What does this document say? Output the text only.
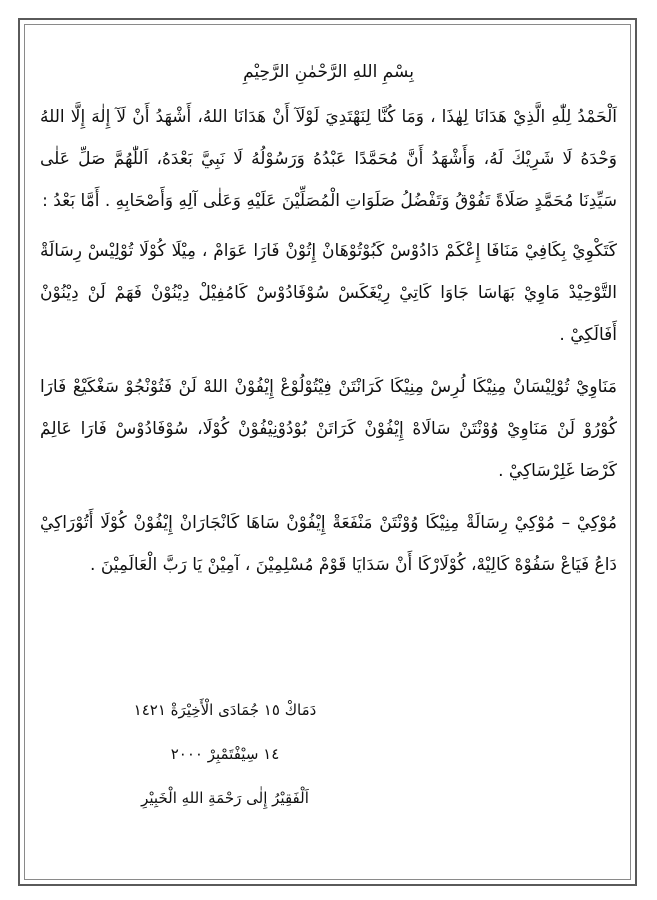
بِسْمِ اللهِ الرَّحْمٰنِ الرَّحِيْمِ

اَلْحَمْدُ لِلّٰهِ الَّذِيْ هَدَانَا لِهٰذَا ، وَمَا كُنَّا لِنَهْتَدِيَ لَوْلَآ أَنْ هَدَانَا اللهُ، أَشْهَدُ أَنْ لَآ إِلٰهَ إِلَّا اللهُ وَحْدَهُ لَا شَرِيْكَ لَهُ، وَأَشْهَدُ أَنَّ مُحَمَّدًا عَبْدُهُ وَرَسُوْلُهُ لَا نَبِيَّ بَعْدَهُ، اَللّٰهُمَّ صَلِّ عَلٰى سَيِّدِنَا مُحَمَّدٍ صَلَاةً تَفُوْقُ وَتَفْضُلُ صَلَوَاتِ الْمُصَلِّيْنَ عَلَيْهِ وَعَلٰى آلِهِ وَأَصْحَابِهِ . أَمَّا بَعْدُ :

كَتَكْوِيْ بِكَافِيْ مَنَافَا إِعْكَمْ دَادُوْسْ كَبُوْتُوْهَانْ إِتُوْنْ فَارَا عَوَامْ ، مِيْلَا كُوْلَا تُوْلِيْسْ رِسَالَةْ التَّوْحِيْدْ مَاوِيْ بَهَاسَا جَاوَا كَاتِيْ رِيْغَكَسْ سُوْفَادُوْسْ كَامُفِيْلْ دِيْنُوْنْ فَهَمْ لَنْ دِيْنُوْنْ أَفَالَكِيْ .

مَنَاوِيْ تُوْلِيْسَانْ مِنِيْكَا لُرِسْ مِنِيْكَا كَرَانْتَنْ فِيْتُوْلُوْعْ إِيْفُوْنْ اللهْ لَنْ فَتُوْنْجُوْ سَغْكَيْعْ فَارَا كُوْرُوْ لَنْ مَنَاوِيْ وُوْنْتَنْ سَالَاهْ إِيْفُوْنْ كَرَاتَنْ بُوْدُوْنِيْفُوْنْ كُوْلَا، سُوْفَادُوْسْ فَارَا عَالِمْ كَرْصَا غَلِرْسَاكِيْ .

مُوْكِيْ – مُوْكِيْ رِسَالَةْ مِنِيْكَا وُوْنْتَنْ مَنْفَعَةْ إِيْفُوْنْ سَاهَا كَانْجَارَانْ إِيْفُوْنْ كُوْلَا أَتُوْرَاكِيْ دَاعُ فَيَاعْ سَفُوْهْ كَالِيْهْ، كُوْلَارْكَا أَنْ سَدَايَا قَوْمْ مُسْلِمِيْنَ ، آمِيْنْ يَا رَبَّ الْعَالَمِيْنَ .

دَمَاكْ ١٥ جُمَادَى الْأَخِيْرَةْ ١٤٢١
١٤ سِيْفْتَمْبِرْ ٢٠٠٠
اَلْفَقِيْرُ إِلٰى رَحْمَةِ اللهِ الْخَبِيْرِ
